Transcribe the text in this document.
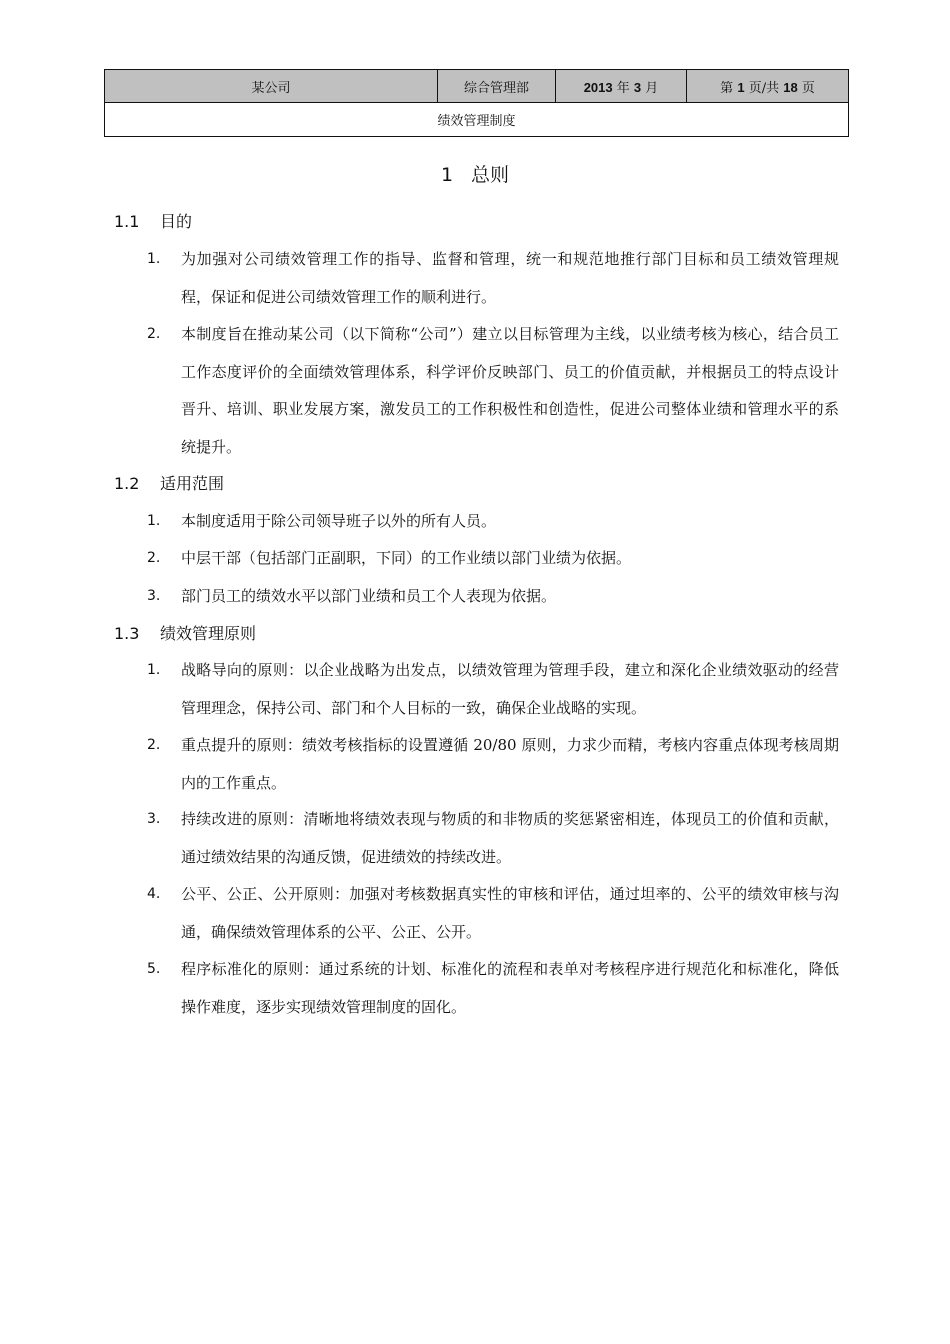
某公司	综合管理部	2013 年 3 月	第 1 页/共 18 页
绩效管理制度
1 总则
1.1 目的
1. 为加强对公司绩效管理工作的指导、监督和管理，统一和规范地推行部门目标和员工绩效管理规程，保证和促进公司绩效管理工作的顺利进行。
2. 本制度旨在推动某公司（以下简称“公司”）建立以目标管理为主线，以业绩考核为核心，结合员工工作态度评价的全面绩效管理体系，科学评价反映部门、员工的价值贡献，并根据员工的特点设计晋升、培训、职业发展方案，激发员工的工作积极性和创造性，促进公司整体业绩和管理水平的系统提升。
1.2 适用范围
1. 本制度适用于除公司领导班子以外的所有人员。
2. 中层干部（包括部门正副职，下同）的工作业绩以部门业绩为依据。
3. 部门员工的绩效水平以部门业绩和员工个人表现为依据。
1.3 绩效管理原则
1. 战略导向的原则：以企业战略为出发点，以绩效管理为管理手段，建立和深化企业绩效驱动的经营管理理念，保持公司、部门和个人目标的一致，确保企业战略的实现。
2. 重点提升的原则：绩效考核指标的设置遵循 20/80 原则，力求少而精，考核内容重点体现考核周期内的工作重点。
3. 持续改进的原则：清晰地将绩效表现与物质的和非物质的奖惩紧密相连，体现员工的价值和贡献，通过绩效结果的沟通反馈，促进绩效的持续改进。
4. 公平、公正、公开原则：加强对考核数据真实性的审核和评估，通过坦率的、公平的绩效审核与沟通，确保绩效管理体系的公平、公正、公开。
5. 程序标准化的原则：通过系统的计划、标准化的流程和表单对考核程序进行规范化和标准化，降低操作难度，逐步实现绩效管理制度的固化。
